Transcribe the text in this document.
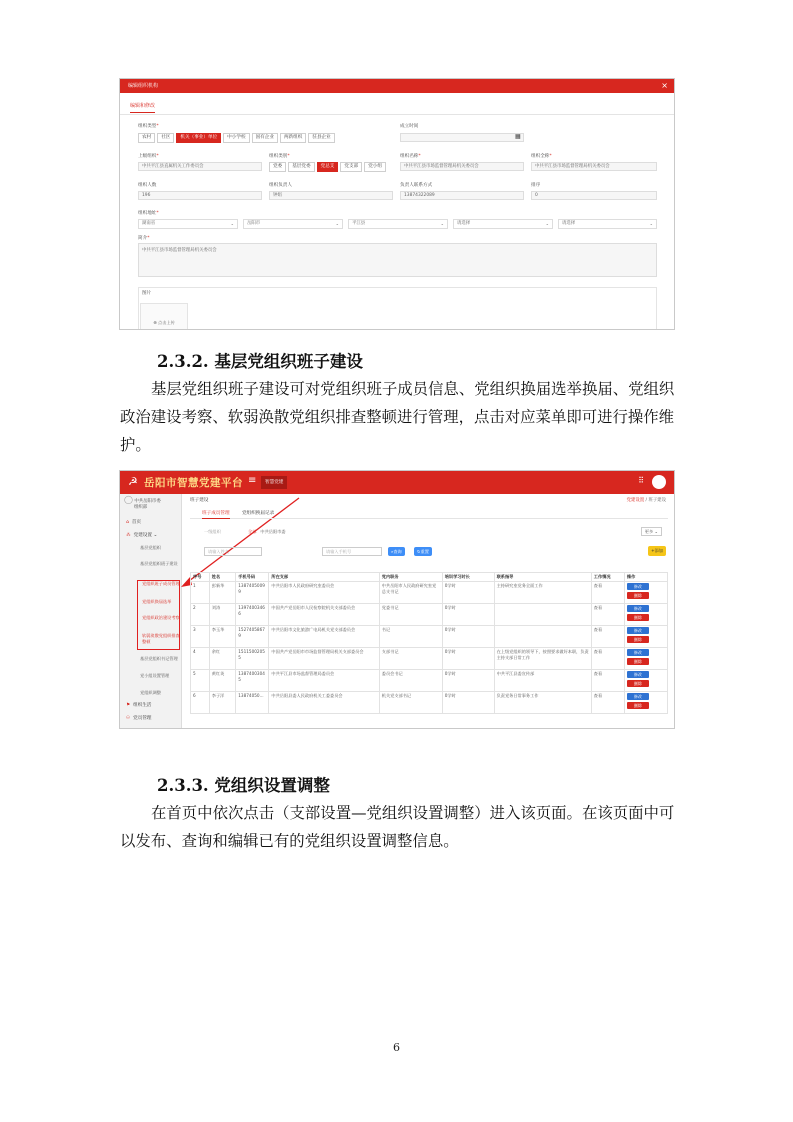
编辑组织机构	×
编辑和修改
组织类型*
农村	社区	机关（事业）单位	中小学校	国有企业	两新组织	驻县企业
成立时间
▦
上级组织*
中共平江县直属机关工作委员会
组织类别*
党委	基层党委	党总支	党支部	党小组
组织名称*
中共平江县市场监督管理局机关委员会
组织全称*
中共平江县市场监督管理局机关委员会
组织人数
196
组织负责人
钟娟
负责人联系方式
13874322089
排序
0
组织地址*
湖南省	⌄	岳阳市	⌄	平江县	⌄	请选择	⌄	请选择	⌄
简介*
中共平江县市场监督管理局机关委员会
图片
⊕ 点击上传
2.3.2. 基层党组织班子建设
基层党组织班子建设可对党组织班子成员信息、党组织换届选举换届、党组织政治建设考察、软弱涣散党组织排查整顿进行管理，点击对应菜单即可进行操作维护。
☭ 岳阳市智慧党建平台 ≡	智慧党建	⠿
◯ 中共岳阳市委
组织部
⌂ 首页
⁂ 党建设置 ⌄
基层党组织
基层党组织班子建设
党组织班子成员管理
党组织换届选举
党组织政治建设考察
软弱涣散党组织排查整顿
基层党组织书记管理
党小组设置管理
党组织调整
⚑ 组织生活
⚇ 党员管理
班子建设	党建设置 / 班子建设
班子成员管理	党组织换届记录
一级组织	全部 中共岳阳市委	更多 ⌄
请输入姓名	请输入手机号	⌕查询	↻重置	+添加
序号	姓名	手机号码	所在支部	党内职务	培训学习时长	联系指导	工作情况	操作
1	彭新华	13874050099	中共岳阳市人民政府研究室委员会	中共岳阳市人民政府研究室党总支书记	0学时	主持研究室党务全面工作	查看	修改
删除

2	刘涛	13974003466	中国共产党岳阳市人民检察院机关支部委员会	党委书记	0学时		查看	修改
删除

3	李玉华	15274058679	中共岳阳市文化旅游广电局机关党支部委员会	书记	0学时		查看	修改
删除

4	余红	15115002055	中国共产党岳阳市市场监督管理局机关支部委员会	支部书记	0学时	在上级党组织的领导下，按照要求做好本职，负责主持支部日常工作	查看	修改
删除

5	黄红英	13874003045	中共平江县市场监督管理局委员会	委员会书记	0学时	中共平江县委宣传部	查看	修改
删除

6	李子洋	13874050...	中共岳阳县委人民政府机关工委委员会	机关党支部书记	0学时	负责党务日常事务工作	查看	修改
删除
2.3.3. 党组织设置调整
在首页中依次点击（支部设置—党组织设置调整）进入该页面。在该页面中可以发布、查询和编辑已有的党组织设置调整信息。
6
